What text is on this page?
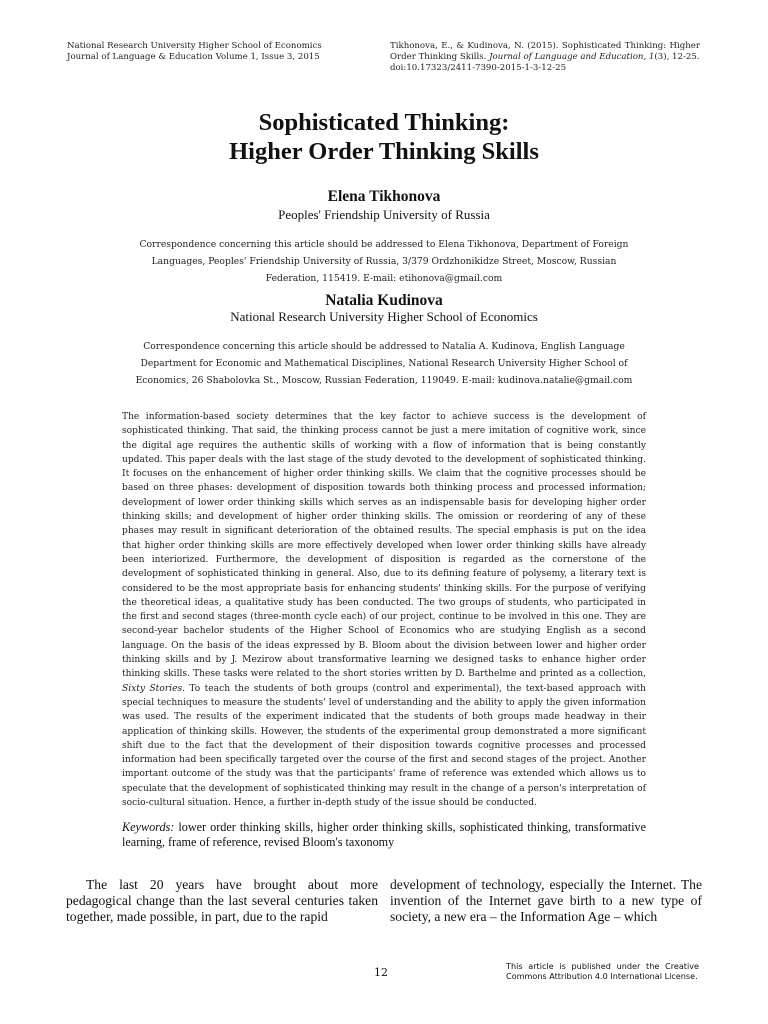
National Research University Higher School of Economics
Journal of Language & Education Volume 1, Issue 3, 2015
Tikhonova, E., & Kudinova, N. (2015). Sophisticated Thinking: Higher Order Thinking Skills. Journal of Language and Education, 1(3), 12-25.
doi:10.17323/2411-7390-2015-1-3-12-25
Sophisticated Thinking:
Higher Order Thinking Skills
Elena Tikhonova
Peoples' Friendship University of Russia
Correspondence concerning this article should be addressed to Elena Tikhonova, Department of Foreign Languages, Peoples' Friendship University of Russia, 3/379 Ordzhonikidze Street, Moscow, Russian Federation, 115419. E-mail: etihonova@gmail.com
Natalia Kudinova
National Research University Higher School of Economics
Correspondence concerning this article should be addressed to Natalia A. Kudinova, English Language Department for Economic and Mathematical Disciplines, National Research University Higher School of Economics, 26 Shabolovka St., Moscow, Russian Federation, 119049. E-mail: kudinova.natalie@gmail.com
The information-based society determines that the key factor to achieve success is the development of sophisticated thinking. That said, the thinking process cannot be just a mere imitation of cognitive work, since the digital age requires the authentic skills of working with a flow of information that is being constantly updated. This paper deals with the last stage of the study devoted to the development of sophisticated thinking. It focuses on the enhancement of higher order thinking skills. We claim that the cognitive processes should be based on three phases: development of disposition towards both thinking process and processed information; development of lower order thinking skills which serves as an indispensable basis for developing higher order thinking skills; and development of higher order thinking skills. The omission or reordering of any of these phases may result in significant deterioration of the obtained results. The special emphasis is put on the idea that higher order thinking skills are more effectively developed when lower order thinking skills have already been interiorized. Furthermore, the development of disposition is regarded as the cornerstone of the development of sophisticated thinking in general. Also, due to its defining feature of polysemy, a literary text is considered to be the most appropriate basis for enhancing students' thinking skills. For the purpose of verifying the theoretical ideas, a qualitative study has been conducted. The two groups of students, who participated in the first and second stages (three-month cycle each) of our project, continue to be involved in this one. They are second-year bachelor students of the Higher School of Economics who are studying English as a second language. On the basis of the ideas expressed by B. Bloom about the division between lower and higher order thinking skills and by J. Mezirow about transformative learning we designed tasks to enhance higher order thinking skills. These tasks were related to the short stories written by D. Barthelme and printed as a collection, Sixty Stories. To teach the students of both groups (control and experimental), the text-based approach with special techniques to measure the students' level of understanding and the ability to apply the given information was used. The results of the experiment indicated that the students of both groups made headway in their application of thinking skills. However, the students of the experimental group demonstrated a more significant shift due to the fact that the development of their disposition towards cognitive processes and processed information had been specifically targeted over the course of the first and second stages of the project. Another important outcome of the study was that the participants' frame of reference was extended which allows us to speculate that the development of sophisticated thinking may result in the change of a person's interpretation of socio-cultural situation. Hence, a further in-depth study of the issue should be conducted.
Keywords: lower order thinking skills, higher order thinking skills, sophisticated thinking, transformative learning, frame of reference, revised Bloom's taxonomy
The last 20 years have brought about more pedagogical change than the last several centuries taken together, made possible, in part, due to the rapid
development of technology, especially the Internet. The invention of the Internet gave birth to a new type of society, a new era – the Information Age – which
12	This article is published under the Creative Commons Attribution 4.0 International License.
